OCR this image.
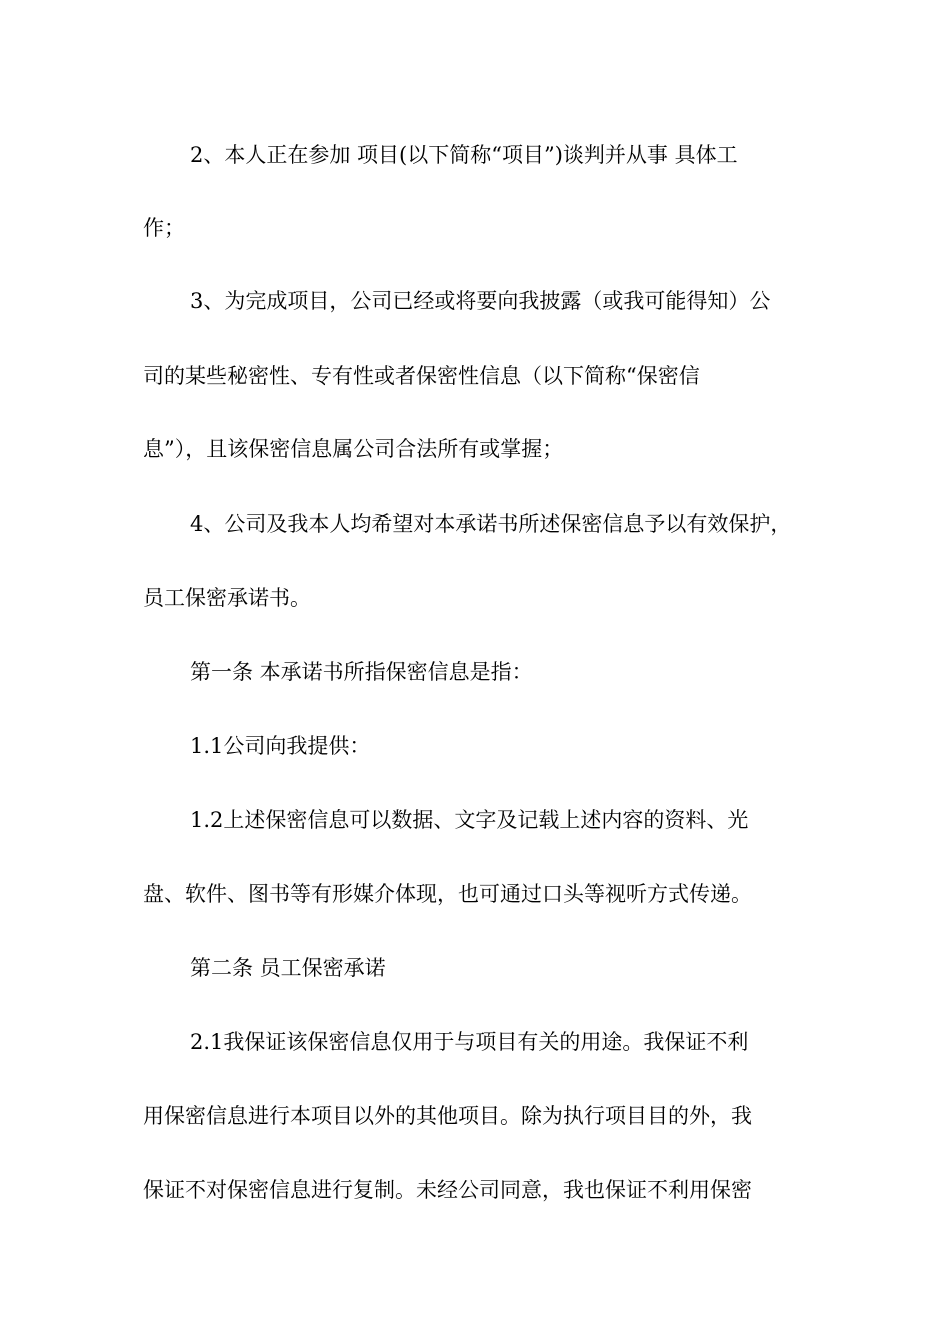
2、本人正在参加 项目(以下简称“项目”)谈判并从事 具体工
作；
3、为完成项目，公司已经或将要向我披露（或我可能得知）公
司的某些秘密性、专有性或者保密性信息（以下简称“保密信
息”），且该保密信息属公司合法所有或掌握；
4、公司及我本人均希望对本承诺书所述保密信息予以有效保护，
员工保密承诺书。
第一条 本承诺书所指保密信息是指：
1.1公司向我提供：
1.2上述保密信息可以数据、文字及记载上述内容的资料、光
盘、软件、图书等有形媒介体现，也可通过口头等视听方式传递。
第二条 员工保密承诺
2.1我保证该保密信息仅用于与项目有关的用途。我保证不利
用保密信息进行本项目以外的其他项目。除为执行项目目的外，我
保证不对保密信息进行复制。未经公司同意，我也保证不利用保密
